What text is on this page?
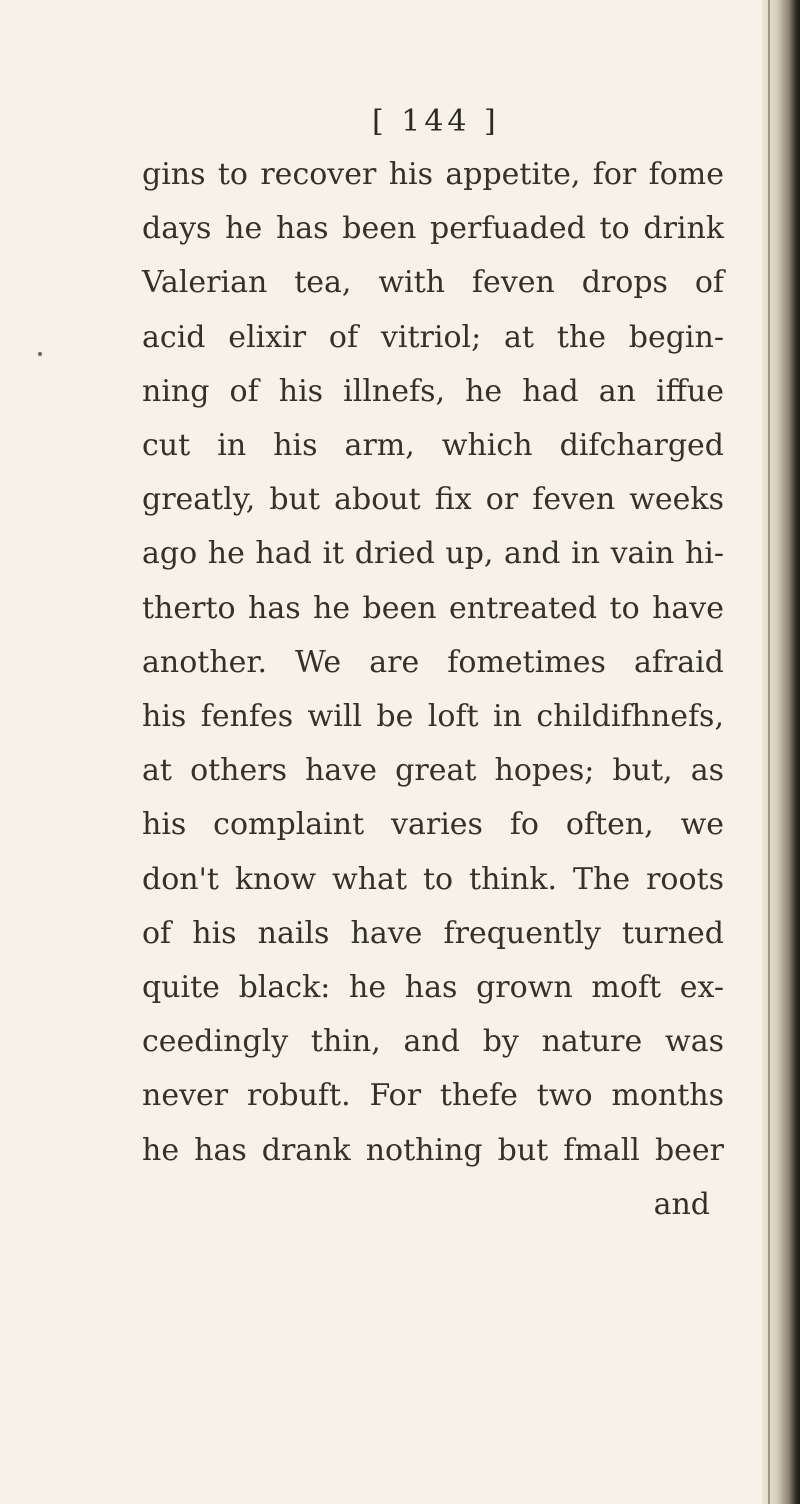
[ 144 ]
gins to recover his appetite, for fome
days he has been perfuaded to drink
Valerian tea, with feven drops of
acid elixir of vitriol; at the begin-
ning of his illnefs, he had an iffue
cut in his arm, which difcharged
greatly, but about fix or feven weeks
ago he had it dried up, and in vain hi-
therto has he been entreated to have
another. We are fometimes afraid
his fenfes will be loft in childifhnefs,
at others have great hopes; but, as
his complaint varies fo often, we
don't know what to think. The roots
of his nails have frequently turned
quite black: he has grown moft ex-
ceedingly thin, and by nature was
never robuft. For thefe two months
he has drank nothing but fmall beer
and
